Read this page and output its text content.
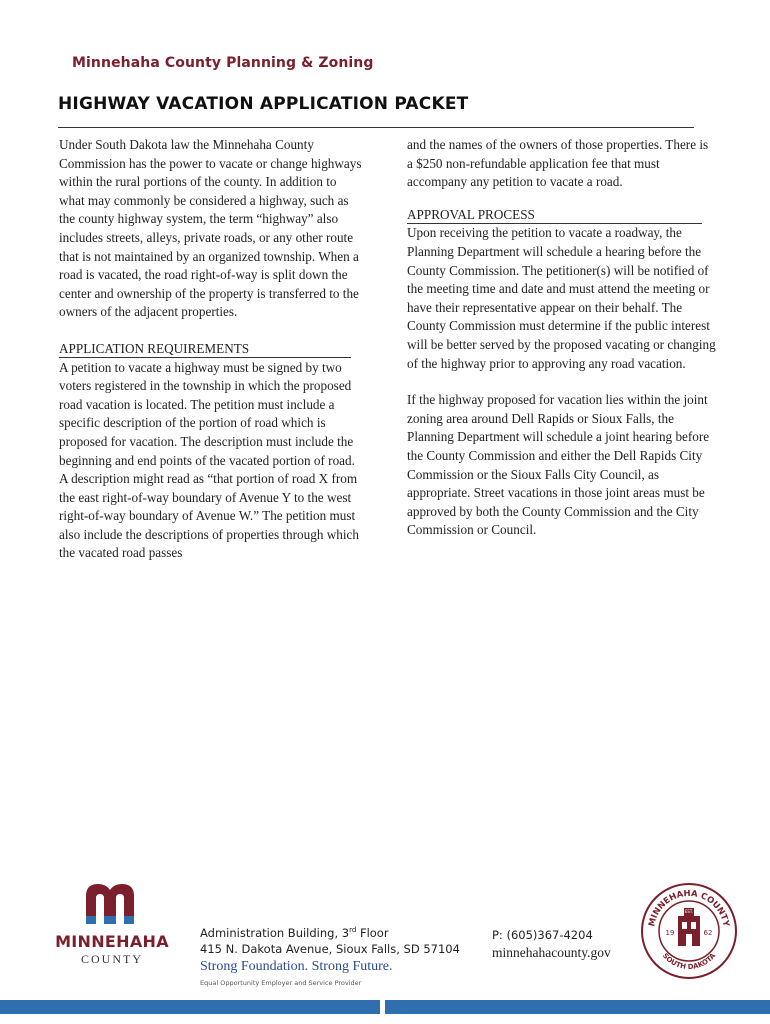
Minnehaha County Planning & Zoning
HIGHWAY VACATION APPLICATION PACKET

Under South Dakota law the Minnehaha County Commission has the power to vacate or change highways within the rural portions of the county. In addition to what may commonly be considered a highway, such as the county highway system, the term “highway” also includes streets, alleys, private roads, or any other route that is not maintained by an organized township. When a road is vacated, the road right-of-way is split down the center and ownership of the property is transferred to the owners of the adjacent properties.

APPLICATION REQUIREMENTS

A petition to vacate a highway must be signed by two voters registered in the township in which the proposed road vacation is located. The petition must include a specific description of the portion of road which is proposed for vacation. The description must include the beginning and end points of the vacated portion of road. A description might read as “that portion of road X from the east right-of-way boundary of Avenue Y to the west right-of-way boundary of Avenue W.” The petition must also include the descriptions of properties through which the vacated road passes

and the names of the owners of those properties. There is a $250 non-refundable application fee that must accompany any petition to vacate a road.

APPROVAL PROCESS

Upon receiving the petition to vacate a roadway, the Planning Department will schedule a hearing before the County Commission. The petitioner(s) will be notified of the meeting time and date and must attend the meeting or have their representative appear on their behalf. The County Commission must determine if the public interest will be better served by the proposed vacating or changing of the highway prior to approving any road vacation.

If the highway proposed for vacation lies within the joint zoning area around Dell Rapids or Sioux Falls, the Planning Department will schedule a joint hearing before the County Commission and either the Dell Rapids City Commission or the Sioux Falls City Council, as appropriate. Street vacations in those joint areas must be approved by both the County Commission and the City Commission or Council.

MINNEHAHA
COUNTY
Administration Building, 3rd Floor
415 N. Dakota Avenue, Sioux Falls, SD 57104
Strong Foundation. Strong Future.
Equal Opportunity Employer and Service Provider
P: (605)367-4204
minnehahacounty.gov
MINNEHAHA COUNTY
SOUTH DAKOTA
19	62
EST.
